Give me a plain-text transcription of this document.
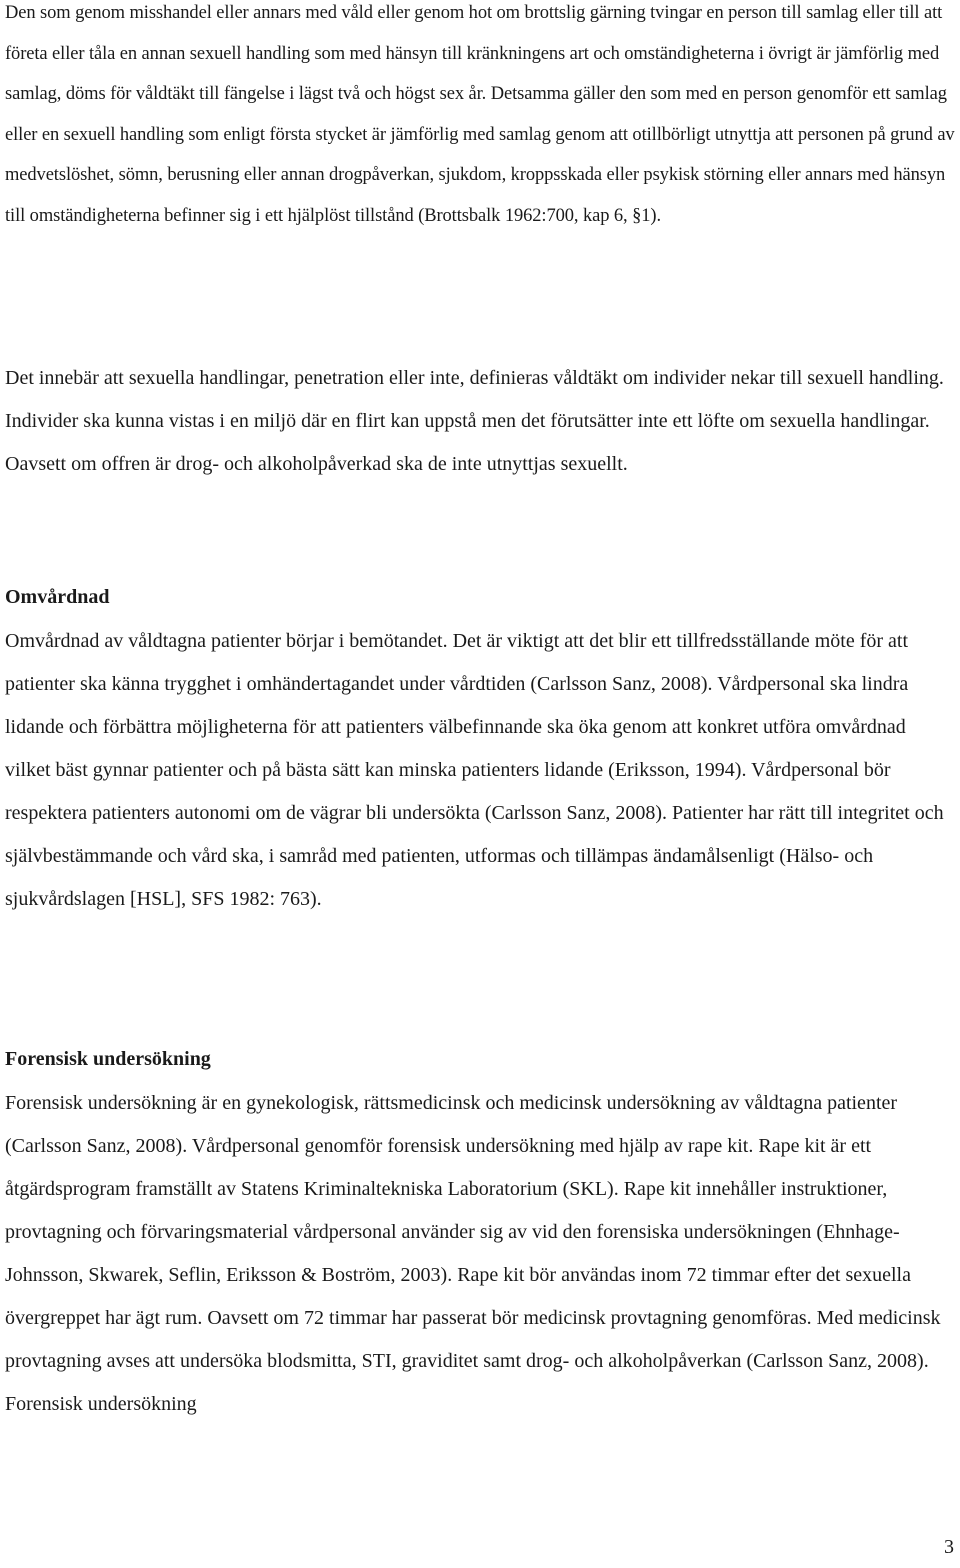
Den som genom misshandel eller annars med våld eller genom hot om brottslig gärning tvingar en person till samlag eller till att företa eller tåla en annan sexuell handling som med hänsyn till kränkningens art och omständigheterna i övrigt är jämförlig med samlag, döms för våldtäkt till fängelse i lägst två och högst sex år. Detsamma gäller den som med en person genomför ett samlag eller en sexuell handling som enligt första stycket är jämförlig med samlag genom att otillbörligt utnyttja att personen på grund av medvetslöshet, sömn, berusning eller annan drogpåverkan, sjukdom, kroppsskada eller psykisk störning eller annars med hänsyn till omständigheterna befinner sig i ett hjälplöst tillstånd (Brottsbalk 1962:700, kap 6, §1).

Det innebär att sexuella handlingar, penetration eller inte, definieras våldtäkt om individer nekar till sexuell handling. Individer ska kunna vistas i en miljö där en flirt kan uppstå men det förutsätter inte ett löfte om sexuella handlingar. Oavsett om offren är drog- och alkoholpåverkad ska de inte utnyttjas sexuellt.

Omvårdnad

Omvårdnad av våldtagna patienter börjar i bemötandet. Det är viktigt att det blir ett tillfredsställande möte för att patienter ska känna trygghet i omhändertagandet under vårdtiden (Carlsson Sanz, 2008). Vårdpersonal ska lindra lidande och förbättra möjligheterna för att patienters välbefinnande ska öka genom att konkret utföra omvårdnad vilket bäst gynnar patienter och på bästa sätt kan minska patienters lidande (Eriksson, 1994). Vårdpersonal bör respektera patienters autonomi om de vägrar bli undersökta (Carlsson Sanz, 2008). Patienter har rätt till integritet och självbestämmande och vård ska, i samråd med patienten, utformas och tillämpas ändamålsenligt (Hälso- och sjukvårdslagen [HSL], SFS 1982: 763).

Forensisk undersökning

Forensisk undersökning är en gynekologisk, rättsmedicinsk och medicinsk undersökning av våldtagna patienter (Carlsson Sanz, 2008). Vårdpersonal genomför forensisk undersökning med hjälp av rape kit. Rape kit är ett åtgärdsprogram framställt av Statens Kriminaltekniska Laboratorium (SKL). Rape kit innehåller instruktioner, provtagning och förvaringsmaterial vårdpersonal använder sig av vid den forensiska undersökningen (Ehnhage-Johnsson, Skwarek, Seflin, Eriksson & Boström, 2003). Rape kit bör användas inom 72 timmar efter det sexuella övergreppet har ägt rum. Oavsett om 72 timmar har passerat bör medicinsk provtagning genomföras. Med medicinsk provtagning avses att undersöka blodsmitta, STI, graviditet samt drog- och alkoholpåverkan (Carlsson Sanz, 2008). Forensisk undersökning

3
